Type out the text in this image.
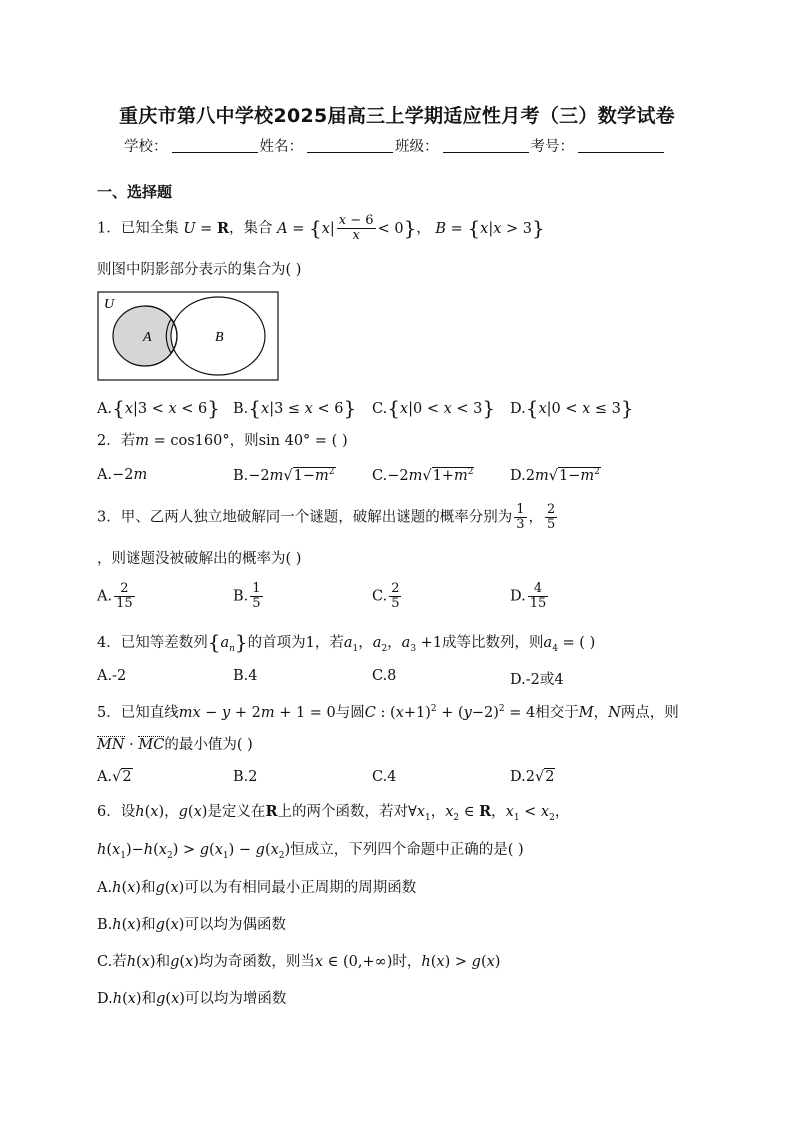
重庆市第八中学校2025届高三上学期适应性月考（三）数学试卷
学校：	姓名：	班级：	考号：
一、选择题
1．已知全集 U = R，集合 $A = \{x| \frac{x - 6}{x} < 0\}$， B = {x|x > 3}
则图中阴影部分表示的集合为( )
U
A	B
A.{x|3 < x < 6} B.{x|3 ≤ x < 6} C.{x|0 < x < 3} D.{x|0 < x ≤ 3}
2．若m = cos160°，则sin 40° = ( )
A.−2m	$B.-2m√1-m^2$	$C.-2m√1+m^2$	$D.2m√1-m^2$
3．甲、乙两人独立地破解同一个谜题，破解出谜题的概率分别为 $\frac{1}{3}$ ， $\frac{2}{5}$
，则谜题没被破解出的概率为( )
A. $\frac{2}{15}$	B. $\frac{1}{5}$	C. $\frac{2}{5}$	D. $\frac{4}{15}$
4．已知等差数列$\{a_n\}$的首项为1，若$a_1$，$a_2$，$a_3 +1$成等比数列，则$a_4$ = ( )
A.-2	B.4	C.8	D.-2或4
5．已知直线mx − y + 2m + 1 = 0与圆C : $(x+1)^2 + (y-2)^2 = 4$相交于M，N两点，则
MN · MC的最小值为( )
A.√2	B.2	C.4	D.2√2
6．设h(x)，g(x)是定义在R上的两个函数，若对$\forall x_1$，$x_2$ ∈ R，$x_1 < x_2$，
$h(x_1)-h(x_2) > g(x_1) - g(x_2)$恒成立，下列四个命题中正确的是( )
A.h(x)和g(x)可以为有相同最小正周期的周期函数
B.h(x)和g(x)可以均为偶函数
C.若h(x)和g(x)均为奇函数，则当x ∈ (0,+∞)时，h(x) > g(x)
D.h(x)和g(x)可以均为增函数
